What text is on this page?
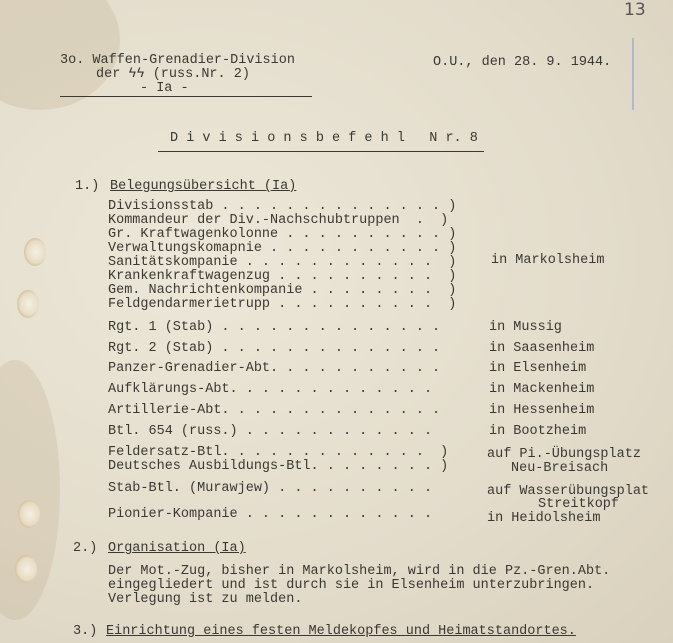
13
3o. Waffen-Grenadier-Division
der ϟϟ (russ.Nr. 2)
- Ia -
O.U., den 28. 9. 1944.
D i v i s i o n s b e f e h l   N r. 8
1.) Belegungsübersicht (Ia)
Divisionsstab . . . . . . . . . . . . . . )
Kommandeur der Div.-Nachschubtruppen  .  )
Gr. Kraftwagenkolonne . . . . . . . . . . )
Verwaltungskomapnie . . . . . . . . . . . )
Sanitätskompanie . . . . . . . . . . . .  )
Krankenkraftwagenzug . . . . . . . . . .  )
Gem. Nachrichtenkompanie . . . . . . . .  )
Feldgendarmerietrupp . . . . . . . . . .  )
in Markolsheim
Rgt. 1 (Stab) . . . . . . . . . . . . . .	in Mussig
Rgt. 2 (Stab) . . . . . . . . . . . . . .	in Saasenheim
Panzer-Grenadier-Abt. . . . . . . . . . .	in Elsenheim
Aufklärungs-Abt. . . . . . . . . . . . .	in Mackenheim
Artillerie-Abt. . . . . . . . . . . . . .	in Hessenheim
Btl. 654 (russ.) . . . . . . . . . . . .	in Bootzheim
Feldersatz-Btl. . . . . . . . . . . . .  )
Deutsches Ausbildungs-Btl. . . . . . . . )
auf Pi.-Übungsplatz
Neu-Breisach
Stab-Btl. (Murawjew) . . . . . . . . . .	auf Wasserübungsplat
Streitkopf
Pionier-Kompanie . . . . . . . . . . . .	in Heidolsheim
2.) Organisation (Ia)
Der Mot.-Zug, bisher in Markolsheim, wird in die Pz.-Gren.Abt.
eingegliedert und ist durch sie in Elsenheim unterzubringen.
Verlegung ist zu melden.
3.) Einrichtung eines festen Meldekopfes und Heimatstandortes.
